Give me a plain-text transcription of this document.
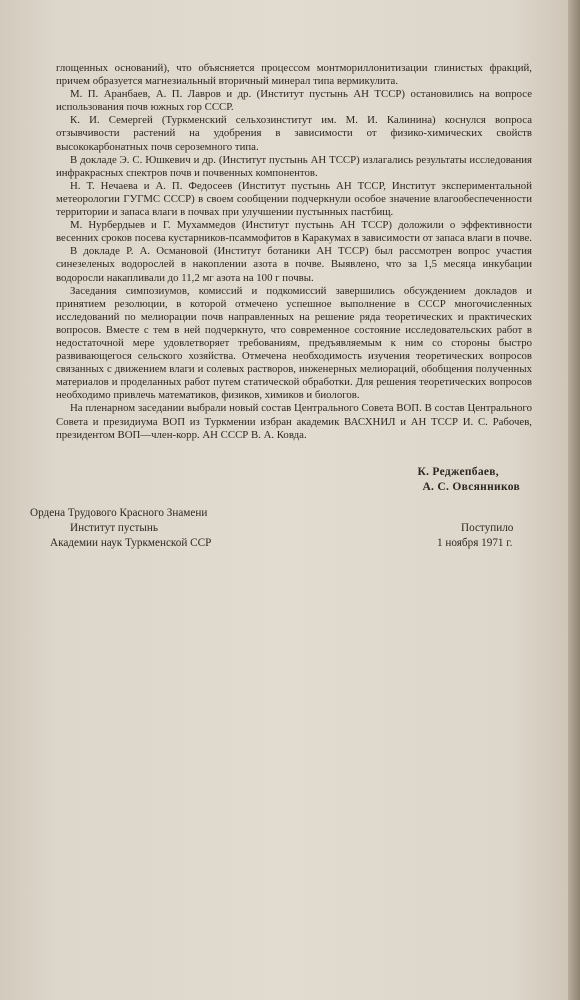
глощенных оснований), что объясняется процессом монтмориллонитизации глинистых фракций, причем образуется магнезиальный вторичный минерал типа вермикулита.

М. П. Аранбаев, А. П. Лавров и др. (Институт пустынь АН ТССР) остановились на вопросе использования почв южных гор СССР.

К. И. Семергей (Туркменский сельхозинститут им. М. И. Калинина) коснулся вопроса отзывчивости растений на удобрения в зависимости от физико-химических свойств высококарбонатных почв сероземного типа.

В докладе Э. С. Юшкевич и др. (Институт пустынь АН ТССР) излагались результаты исследования инфракрасных спектров почв и почвенных компонентов.

Н. Т. Нечаева и А. П. Федосеев (Институт пустынь АН ТССР, Институт экспериментальной метеорологии ГУГМС СССР) в своем сообщении подчеркнули особое значение влагообеспеченности территории и запаса влаги в почвах при улучшении пустынных пастбищ.

М. Нурбердыев и Г. Мухаммедов (Институт пустынь АН ТССР) доложили о эффективности весенних сроков посева кустарников-псаммофитов в Каракумах в зависимости от запаса влаги в почве.

В докладе Р. А. Османовой (Институт ботаники АН ТССР) был рассмотрен вопрос участия синезеленых водорослей в накоплении азота в почве. Выявлено, что за 1,5 месяца инкубации водоросли накапливали до 11,2 мг азота на 100 г почвы.

Заседания симпозиумов, комиссий и подкомиссий завершились обсуждением докладов и принятием резолюции, в которой отмечено успешное выполнение в СССР многочисленных исследований по мелиорации почв направленных на решение ряда теоретических и практических вопросов. Вместе с тем в ней подчеркнуто, что современное состояние исследовательских работ в недостаточной мере удовлетворяет требованиям, предъявляемым к ним со стороны быстро развивающегося сельского хозяйства. Отмечена необходимость изучения теоретических вопросов связанных с движением влаги и солевых растворов, инженерных мелиораций, обобщения полученных материалов и проделанных работ путем статической обработки. Для решения теоретических вопросов необходимо привлечь математиков, физиков, химиков и биологов.

На пленарном заседании выбрали новый состав Центрального Совета ВОП. В состав Центрального Совета и президиума ВОП из Туркмении избран академик ВАСХНИЛ и АН ТССР И. С. Рабочев, президентом ВОП—член-корр. АН СССР В. А. Ковда.

К. Реджепбаев,
А. С. Овсянников
Ордена Трудового Красного Знамени
Институт пустынь
Академии наук Туркменской ССР
Поступило
1 ноября 1971 г.
